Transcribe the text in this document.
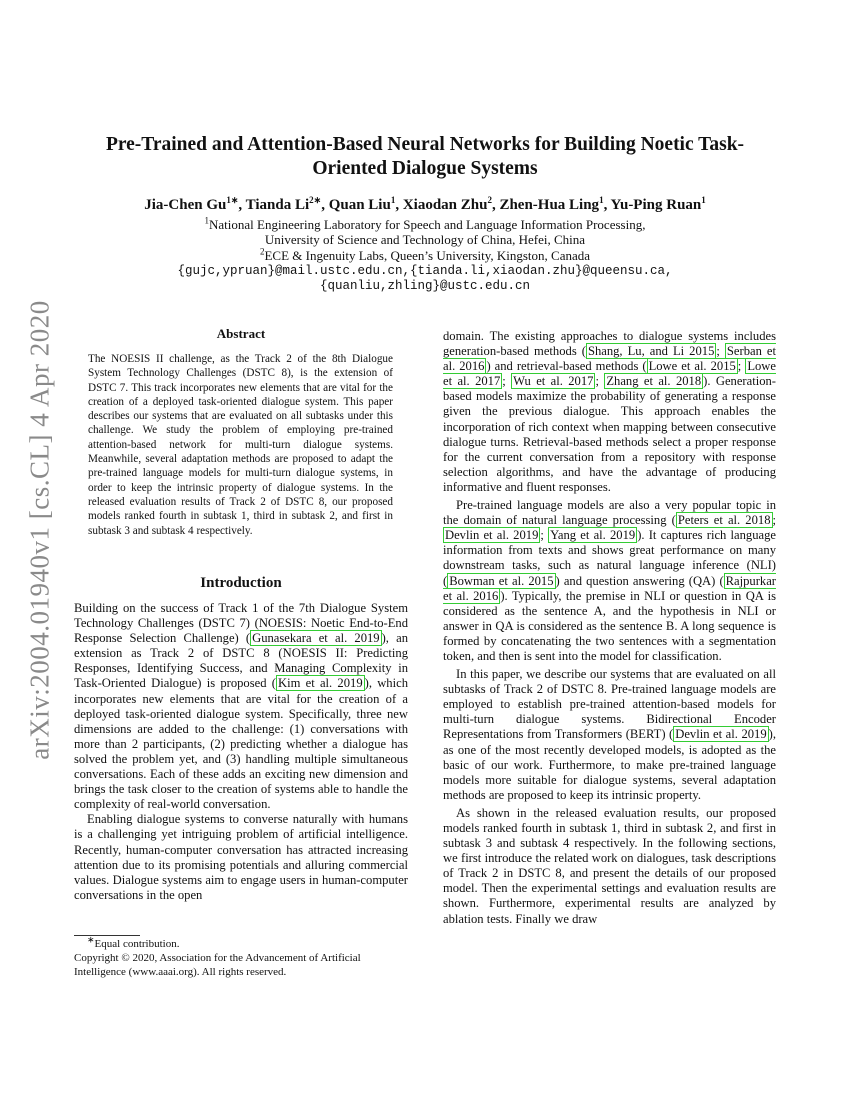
arXiv:2004.01940v1 [cs.CL] 4 Apr 2020
Pre-Trained and Attention-Based Neural Networks for Building Noetic Task-Oriented Dialogue Systems
Jia-Chen $Gu^{1∗}$, Tianda $Li^{2∗}$, Quan Liu$^1$, Xiaodan Zhu$^2$, Zhen-Hua Ling$^1$, Yu-Ping Ruan$^1$
$^1$National Engineering Laboratory for Speech and Language Information Processing,
University of Science and Technology of China, Hefei, China
$^2$ECE & Ingenuity Labs, Queen’s University, Kingston, Canada
{gujc,ypruan}@mail.ustc.edu.cn,{tianda.li,xiaodan.zhu}@queensu.ca,
{quanliu,zhling}@ustc.edu.cn
Abstract
The NOESIS II challenge, as the Track 2 of the 8th Dialogue System Technology Challenges (DSTC 8), is the extension of DSTC 7. This track incorporates new elements that are vital for the creation of a deployed task-oriented dialogue system. This paper describes our systems that are evaluated on all subtasks under this challenge. We study the problem of employing pre-trained attention-based network for multi-turn dialogue systems. Meanwhile, several adaptation methods are proposed to adapt the pre-trained language models for multi-turn dialogue systems, in order to keep the intrinsic property of dialogue systems. In the released evaluation results of Track 2 of DSTC 8, our proposed models ranked fourth in subtask 1, third in subtask 2, and first in subtask 3 and subtask 4 respectively.
Introduction

Building on the success of Track 1 of the 7th Dialogue System Technology Challenges (DSTC 7) (NOESIS: Noetic End-to-End Response Selection Challenge) ( Gunasekara et al. 2019 ), an extension as Track 2 of DSTC 8 (NOESIS II: Predicting Responses, Identifying Success, and Managing Complexity in Task-Oriented Dialogue) is proposed ( Kim et al. 2019 ), which incorporates new elements that are vital for the creation of a deployed task-oriented dialogue system. Specifically, three new dimensions are added to the challenge: (1) conversations with more than 2 participants, (2) predicting whether a dialogue has solved the problem yet, and (3) handling multiple simultaneous conversations. Each of these adds an exciting new dimension and brings the task closer to the creation of systems able to handle the complexity of real-world conversation.

Enabling dialogue systems to converse naturally with humans is a challenging yet intriguing problem of artificial intelligence. Recently, human-computer conversation has attracted increasing attention due to its promising potentials and alluring commercial values. Dialogue systems aim to engage users in human-computer conversations in the open

domain. The existing approaches to dialogue systems includes generation-based methods ( Shang, Lu, and Li 2015 ; Serban et al. 2016 ) and retrieval-based methods ( Lowe et al. 2015 ; Lowe et al. 2017 ; Wu et al. 2017 ; Zhang et al. 2018 ). Generation-based models maximize the probability of generating a response given the previous dialogue. This approach enables the incorporation of rich context when mapping between consecutive dialogue turns. Retrieval-based methods select a proper response for the current conversation from a repository with response selection algorithms, and have the advantage of producing informative and fluent responses.

Pre-trained language models are also a very popular topic in the domain of natural language processing ( Peters et al. 2018 ; Devlin et al. 2019 ; Yang et al. 2019 ). It captures rich language information from texts and shows great performance on many downstream tasks, such as natural language inference (NLI) ( Bowman et al. 2015 ) and question answering (QA) ( Rajpurkar et al. 2016 ). Typically, the premise in NLI or question in QA is considered as the sentence A, and the hypothesis in NLI or answer in QA is considered as the sentence B. A long sequence is formed by concatenating the two sentences with a segmentation token, and then is sent into the model for classification.

In this paper, we describe our systems that are evaluated on all subtasks of Track 2 of DSTC 8. Pre-trained language models are employed to establish pre-trained attention-based models for multi-turn dialogue systems. Bidirectional Encoder Representations from Transformers (BERT) ( Devlin et al. 2019 ), as one of the most recently developed models, is adopted as the basic of our work. Furthermore, to make pre-trained language models more suitable for dialogue systems, several adaptation methods are proposed to keep its intrinsic property.

As shown in the released evaluation results, our proposed models ranked fourth in subtask 1, third in subtask 2, and first in subtask 3 and subtask 4 respectively. In the following sections, we first introduce the related work on dialogues, task descriptions of Track 2 in DSTC 8, and present the details of our proposed model. Then the experimental settings and evaluation results are shown. Furthermore, experimental results are analyzed by ablation tests. Finally we draw

∗Equal contribution.
Copyright © 2020, Association for the Advancement of Artificial Intelligence (www.aaai.org). All rights reserved.
